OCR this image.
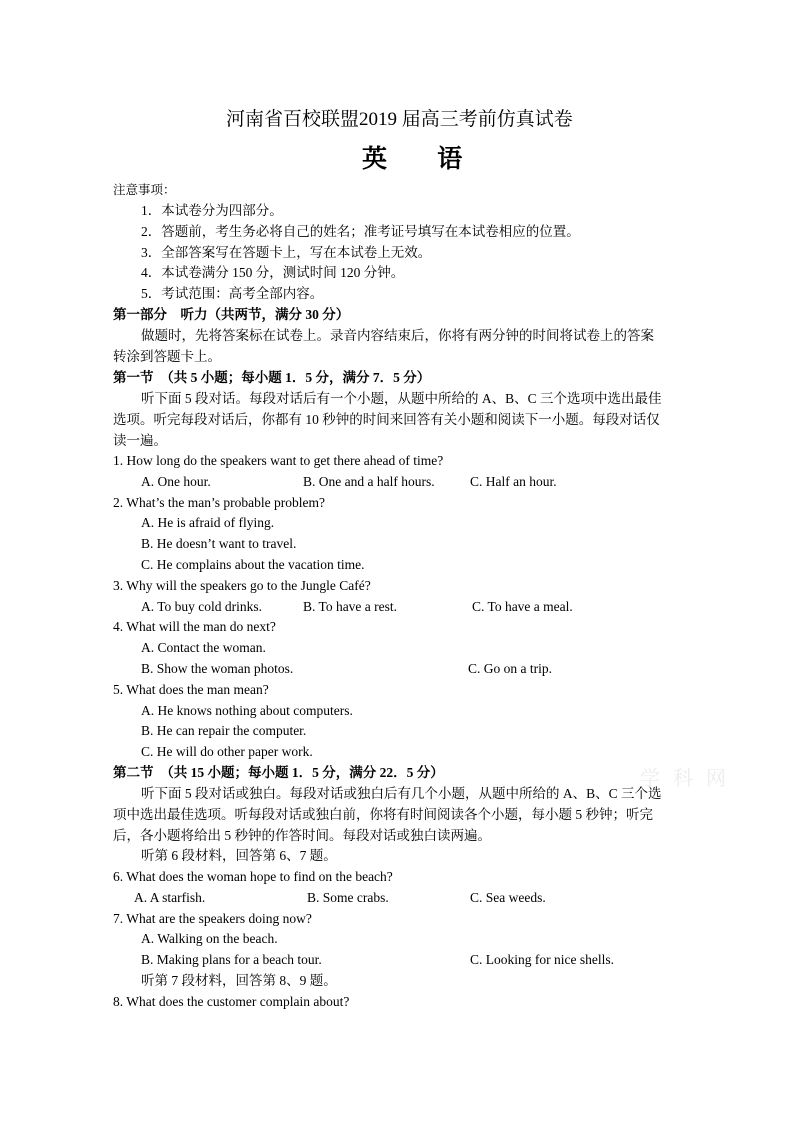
河南省百校联盟2019 届高三考前仿真试卷
英 语
注意事项：
1．本试卷分为四部分。
2．答题前，考生务必将自己的姓名；准考证号填写在本试卷相应的位置。
3．全部答案写在答题卡上，写在本试卷上无效。
4．本试卷满分 150 分，测试时间 120 分钟。
5．考试范围：高考全部内容。
第一部分　听力（共两节，满分 30 分）
做题时，先将答案标在试卷上。录音内容结束后，你将有两分钟的时间将试卷上的答案
转涂到答题卡上。
第一节　（共 5 小题；每小题 1．5 分，满分 7．5 分）
听下面 5 段对话。每段对话后有一个小题，从题中所给的 A、B、C 三个选项中选出最佳
选项。听完每段对话后，你都有 10 秒钟的时间来回答有关小题和阅读下一小题。每段对话仅
读一遍。
1. How long do the speakers want to get there ahead of time?
A. One hour.	B. One and a half hours.	C. Half an hour.
2. What’s the man’s probable problem?
A. He is afraid of flying.
B. He doesn’t want to travel.
C. He complains about the vacation time.
3. Why will the speakers go to the Jungle Café?
A. To buy cold drinks.	B. To have a rest.	C. To have a meal.
4. What will the man do next?
A. Contact the woman.
B. Show the woman photos.	C. Go on a trip.
5. What does the man mean?
A. He knows nothing about computers.
B. He can repair the computer.
C. He will do other paper work.
第二节　（共 15 小题；每小题 1．5 分，满分 22．5 分）	学 科 网
听下面 5 段对话或独白。每段对话或独白后有几个小题，从题中所给的 A、B、C 三个选
项中选出最佳选项。听每段对话或独白前，你将有时间阅读各个小题，每小题 5 秒钟；听完
后，各小题将给出 5 秒钟的作答时间。每段对话或独白读两遍。
听第 6 段材料，回答第 6、7 题。
6. What does the woman hope to find on the beach?
A. A starfish.	B. Some crabs.	C. Sea weeds.
7. What are the speakers doing now?
A. Walking on the beach.
B. Making plans for a beach tour.	C. Looking for nice shells.
听第 7 段材料，回答第 8、9 题。
8. What does the customer complain about?
